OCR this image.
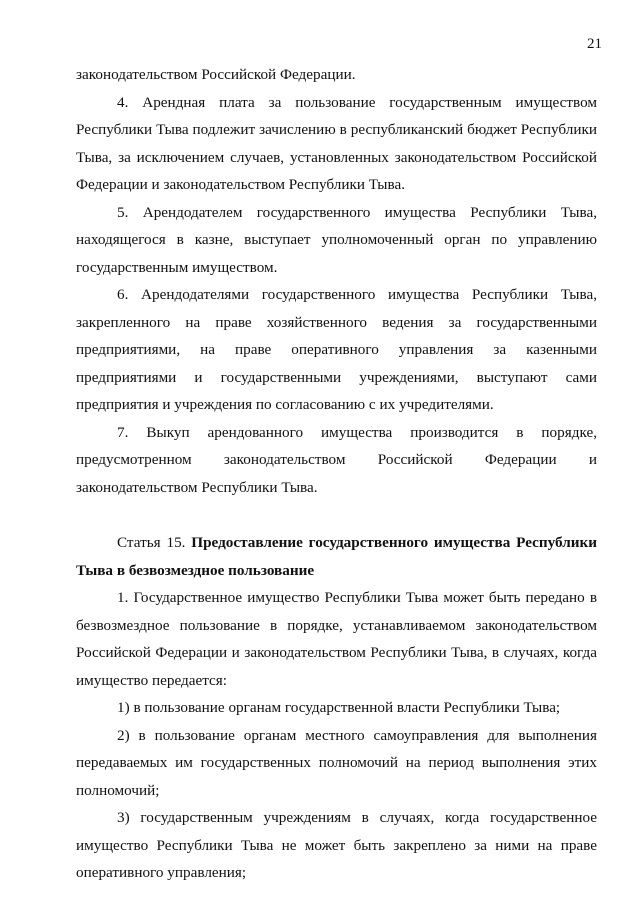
21

законодательством Российской Федерации.

4. Арендная плата за пользование государственным имуществом Республики Тыва подлежит зачислению в республиканский бюджет Республики Тыва, за исключением случаев, установленных законодательством Российской Федерации и законодательством Республики Тыва.

5. Арендодателем государственного имущества Республики Тыва, находящегося в казне, выступает уполномоченный орган по управлению государственным имуществом.

6. Арендодателями государственного имущества Республики Тыва, закрепленного на праве хозяйственного ведения за государственными предприятиями, на праве оперативного управления за казенными предприятиями и государственными учреждениями, выступают сами предприятия и учреждения по согласованию с их учредителями.

7. Выкуп арендованного имущества производится в порядке, предусмотренном законодательством Российской Федерации и законодательством Республики Тыва.

Статья 15. Предоставление государственного имущества Республики Тыва в безвозмездное пользование

1. Государственное имущество Республики Тыва может быть передано в безвозмездное пользование в порядке, устанавливаемом законодательством Российской Федерации и законодательством Республики Тыва, в случаях, когда имущество передается:

1) в пользование органам государственной власти Республики Тыва;

2) в пользование органам местного самоуправления для выполнения передаваемых им государственных полномочий на период выполнения этих полномочий;

3) государственным учреждениям в случаях, когда государственное имущество Республики Тыва не может быть закреплено за ними на праве оперативного управления;
